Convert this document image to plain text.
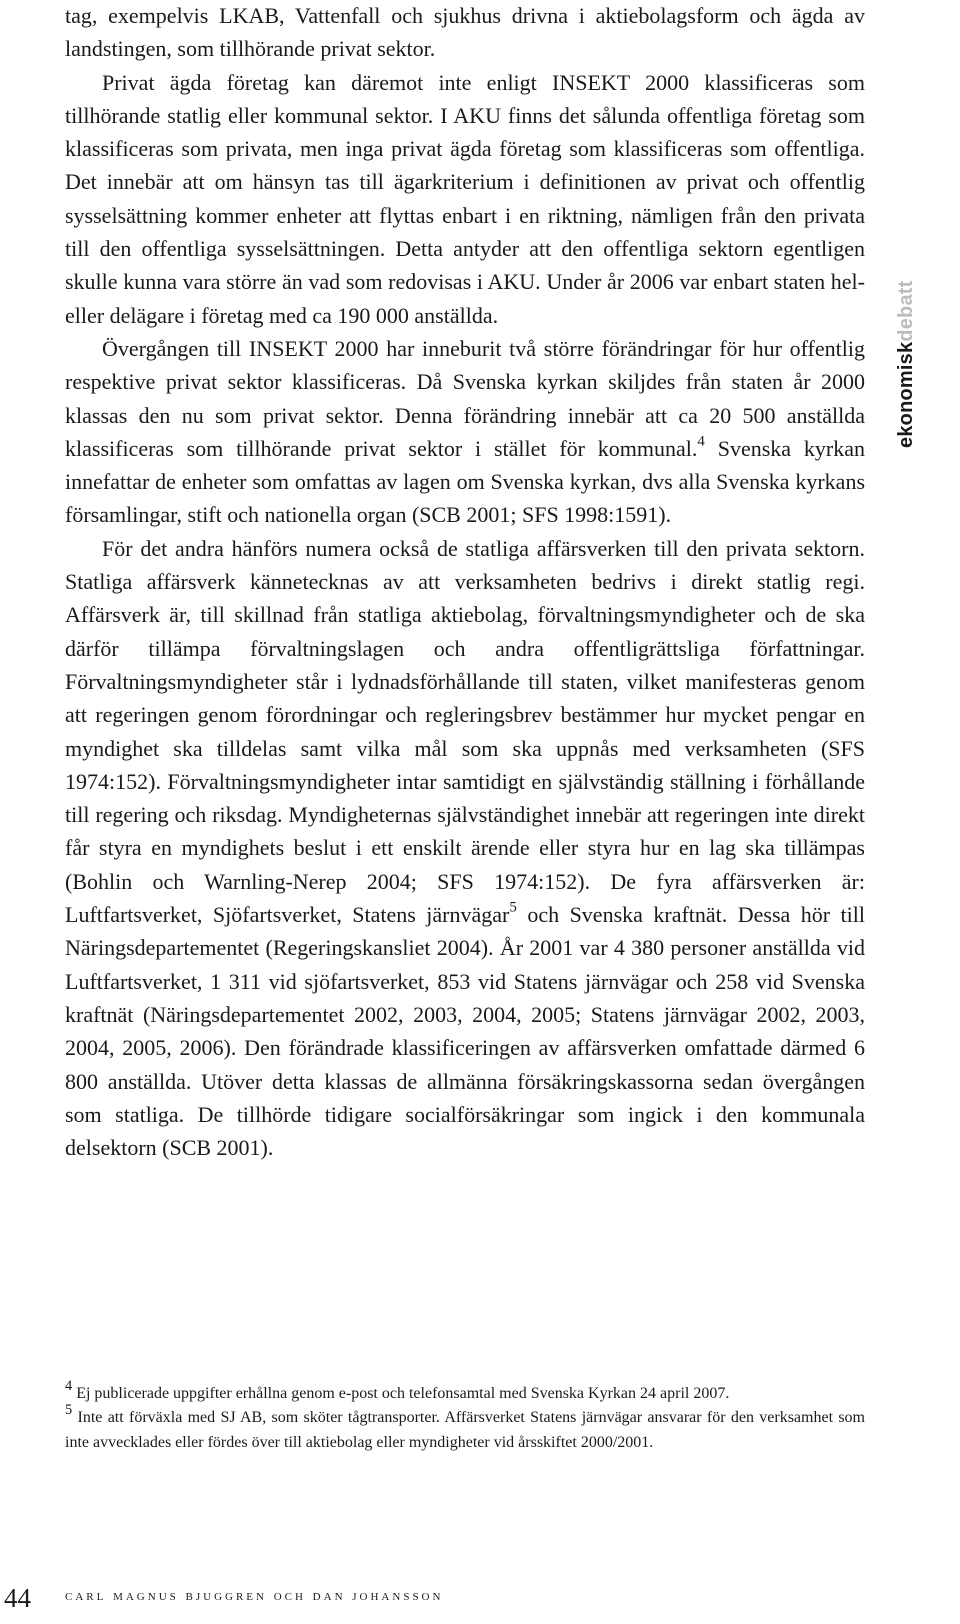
tag, exempelvis LKAB, Vattenfall och sjukhus drivna i aktiebolagsform och ägda av landstingen, som tillhörande privat sektor.

Privat ägda företag kan däremot inte enligt INSEKT 2000 klassificeras som tillhörande statlig eller kommunal sektor. I AKU finns det sålunda offentliga företag som klassificeras som privata, men inga privat ägda företag som klassificeras som offentliga. Det innebär att om hänsyn tas till ägarkriterium i definitionen av privat och offentlig sysselsättning kommer enheter att flyttas enbart i en riktning, nämligen från den privata till den offentliga sysselsättningen. Detta antyder att den offentliga sektorn egentligen skulle kunna vara större än vad som redovisas i AKU. Under år 2006 var enbart staten hel- eller delägare i företag med ca 190 000 anställda.

Övergången till INSEKT 2000 har inneburit två större förändringar för hur offentlig respektive privat sektor klassificeras. Då Svenska kyrkan skiljdes från staten år 2000 klassas den nu som privat sektor. Denna förändring innebär att ca 20 500 anställda klassificeras som tillhörande privat sektor i stället för kommunal.$^4$ Svenska kyrkan innefattar de enheter som omfattas av lagen om Svenska kyrkan, dvs alla Svenska kyrkans församlingar, stift och nationella organ (SCB 2001; SFS 1998:1591).

För det andra hänförs numera också de statliga affärsverken till den privata sektorn. Statliga affärsverk kännetecknas av att verksamheten bedrivs i direkt statlig regi. Affärsverk är, till skillnad från statliga aktiebolag, förvaltningsmyndigheter och de ska därför tillämpa förvaltningslagen och andra offentligrättsliga författningar. Förvaltningsmyndigheter står i lydnadsförhållande till staten, vilket manifesteras genom att regeringen genom förordningar och regleringsbrev bestämmer hur mycket pengar en myndighet ska tilldelas samt vilka mål som ska uppnås med verksamheten (SFS 1974:152). Förvaltningsmyndigheter intar samtidigt en självständig ställning i förhållande till regering och riksdag. Myndigheternas självständighet innebär att regeringen inte direkt får styra en myndighets beslut i ett enskilt ärende eller styra hur en lag ska tillämpas (Bohlin och Warnling-Nerep 2004; SFS 1974:152). De fyra affärsverken är: Luftfartsverket, Sjöfartsverket, Statens järnvägar$^5$ och Svenska kraftnät. Dessa hör till Näringsdepartementet (Regeringskansliet 2004). År 2001 var 4 380 personer anställda vid Luftfartsverket, 1 311 vid sjöfartsverket, 853 vid Statens järnvägar och 258 vid Svenska kraftnät (Näringsdepartementet 2002, 2003, 2004, 2005; Statens järnvägar 2002, 2003, 2004, 2005, 2006). Den förändrade klassificeringen av affärsverken omfattade därmed 6 800 anställda. Utöver detta klassas de allmänna försäkringskassorna sedan övergången som statliga. De tillhörde tidigare socialförsäkringar som ingick i den kommunala delsektorn (SCB 2001).

$^4$ Ej publicerade uppgifter erhållna genom e-post och telefonsamtal med Svenska Kyrkan 24 april 2007.

$^5$ Inte att förväxla med SJ AB, som sköter tågtransporter. Affärsverket Statens järnvägar ansvarar för den verksamhet som inte avvecklades eller fördes över till aktiebolag eller myndigheter vid årsskiftet 2000/2001.

ekonomiskdebatt
44 carl magnus bjuggren och dan johansson
